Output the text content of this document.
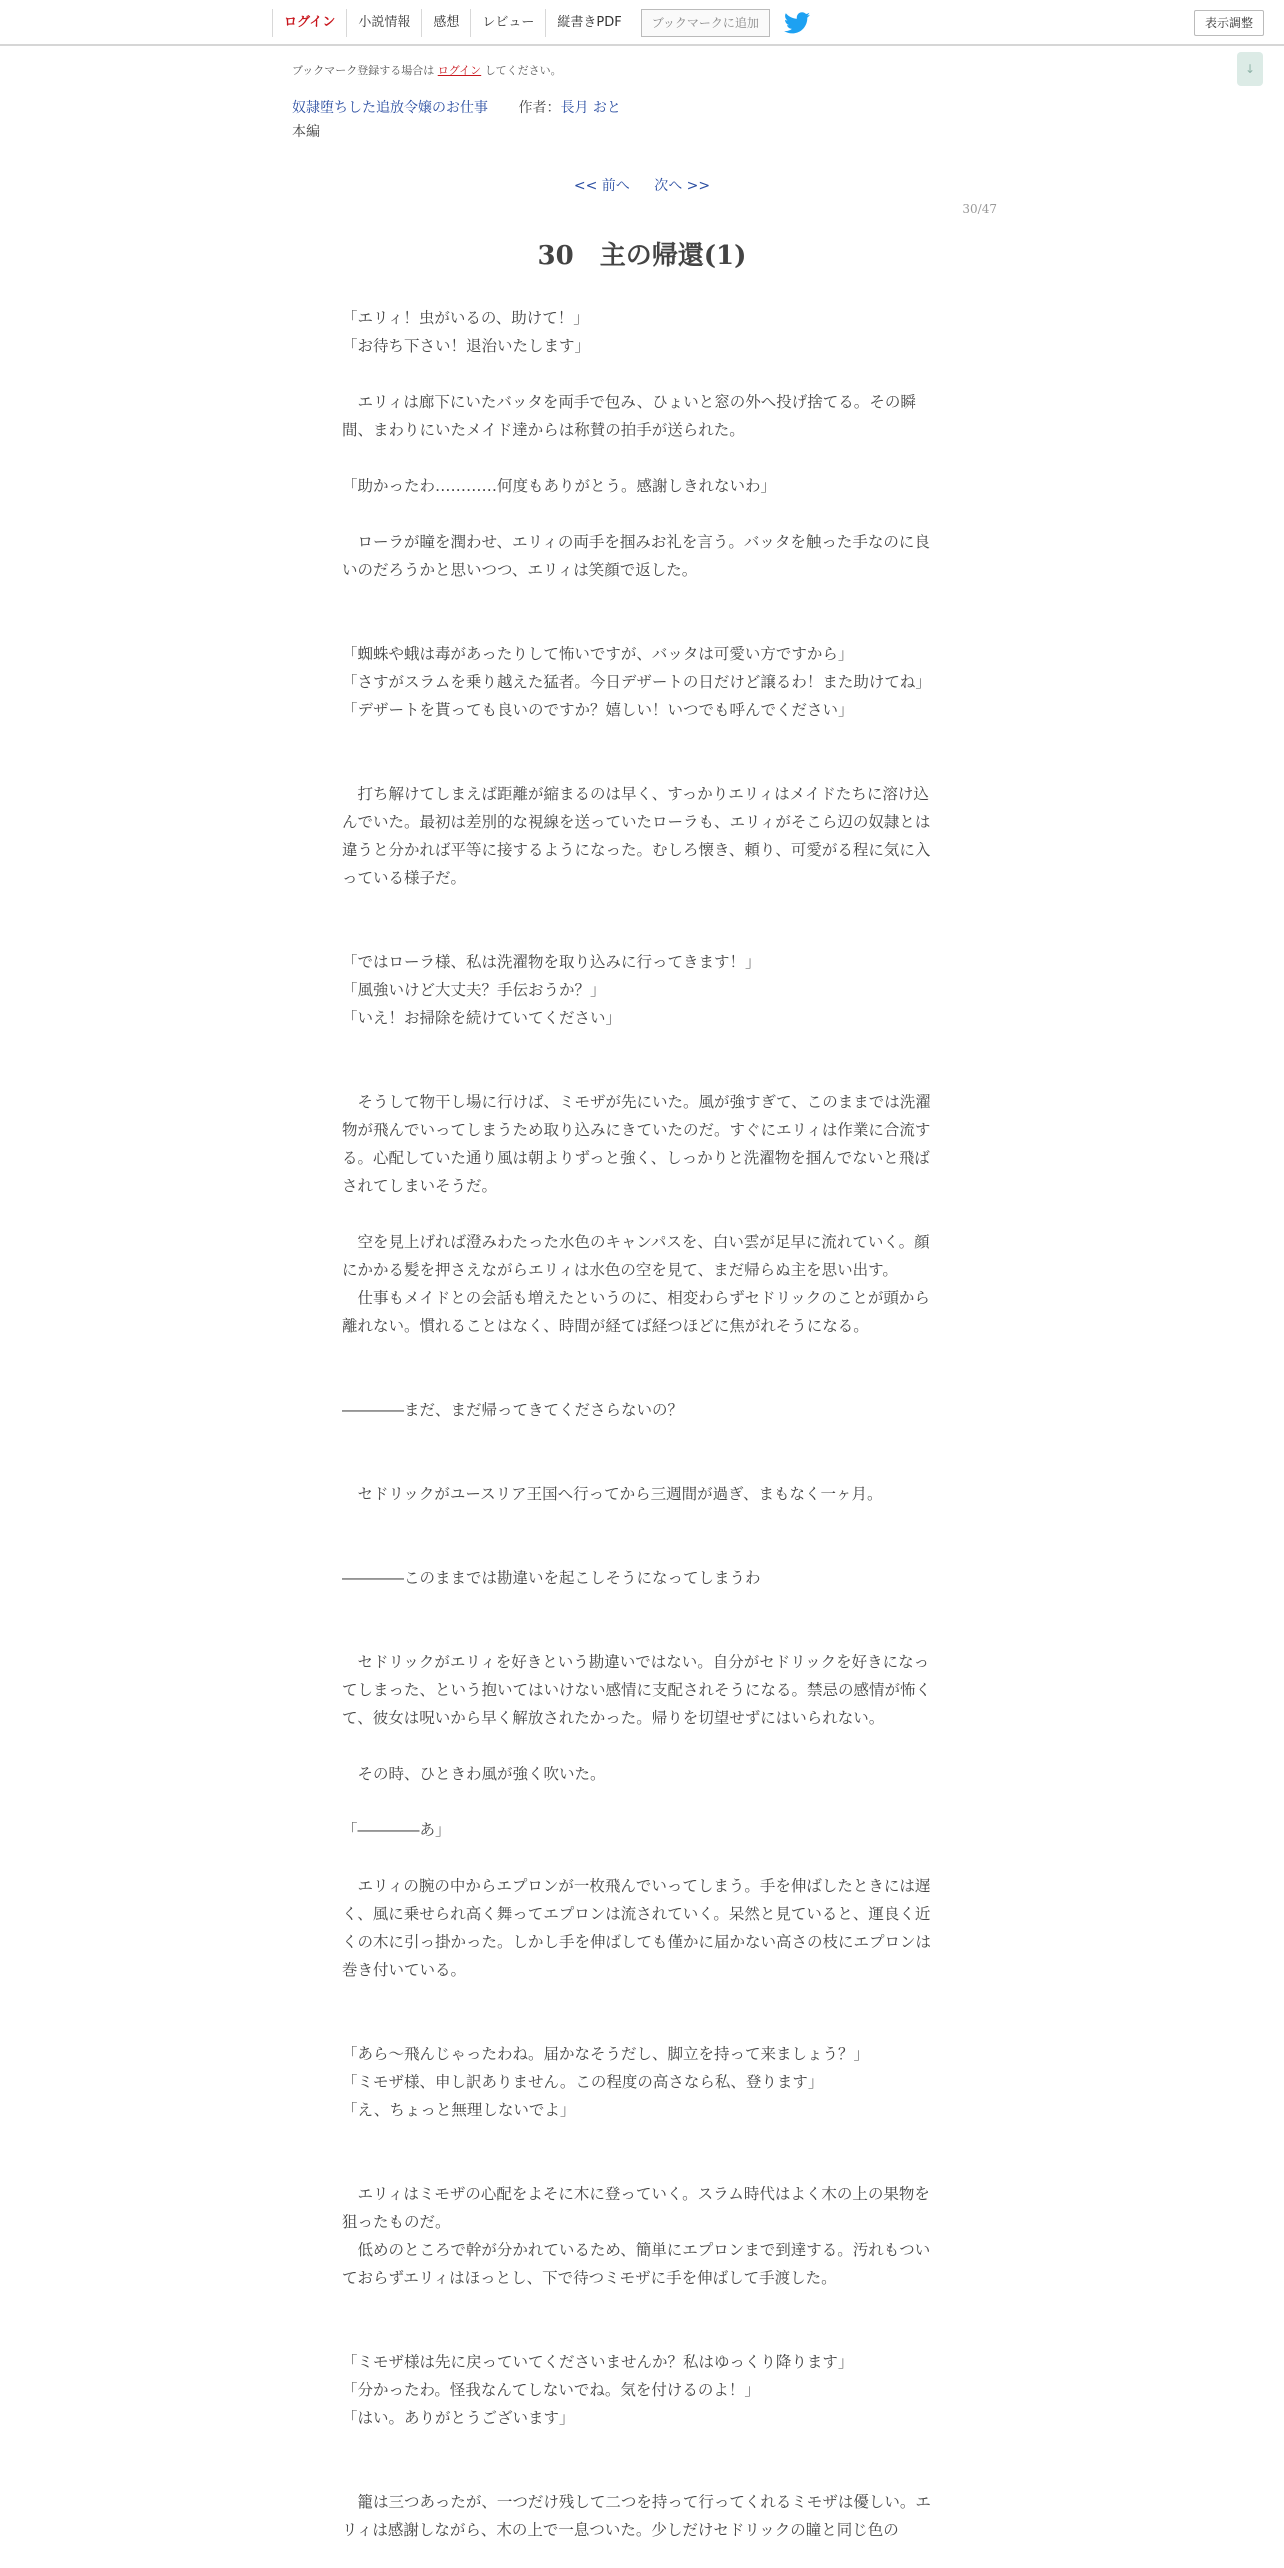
ログイン	小説情報	感想	レビュー	縦書きPDF	ブックマークに追加	表示調整
↓
ブックマーク登録する場合は ログイン してください。
奴隷堕ちした追放令嬢のお仕事 作者：長月 おと
本編
<< 前へ 次へ >>
30/47
30　主の帰還(1)

「エリィ！虫がいるの、助けて！」

「お待ち下さい！退治いたします」

　エリィは廊下にいたバッタを両手で包み、ひょいと窓の外へ投げ捨てる。その瞬間、まわりにいたメイド達からは称賛の拍手が送られた。

「助かったわ…………何度もありがとう。感謝しきれないわ」

　ローラが瞳を潤わせ、エリィの両手を掴みお礼を言う。バッタを触った手なのに良いのだろうかと思いつつ、エリィは笑顔で返した。

「蜘蛛や蛾は毒があったりして怖いですが、バッタは可愛い方ですから」

「さすがスラムを乗り越えた猛者。今日デザートの日だけど譲るわ！また助けてね」

「デザートを貰っても良いのですか？嬉しい！いつでも呼んでください」

　打ち解けてしまえば距離が縮まるのは早く、すっかりエリィはメイドたちに溶け込んでいた。最初は差別的な視線を送っていたローラも、エリィがそこら辺の奴隷とは違うと分かれば平等に接するようになった。むしろ懐き、頼り、可愛がる程に気に入っている様子だ。

「ではローラ様、私は洗濯物を取り込みに行ってきます！」

「風強いけど大丈夫？手伝おうか？」

「いえ！お掃除を続けていてください」

　そうして物干し場に行けば、ミモザが先にいた。風が強すぎて、このままでは洗濯物が飛んでいってしまうため取り込みにきていたのだ。すぐにエリィは作業に合流する。心配していた通り風は朝よりずっと強く、しっかりと洗濯物を掴んでないと飛ばされてしまいそうだ。

　空を見上げれば澄みわたった水色のキャンパスを、白い雲が足早に流れていく。顔にかかる髪を押さえながらエリィは水色の空を見て、まだ帰らぬ主を思い出す。

　仕事もメイドとの会話も増えたというのに、相変わらずセドリックのことが頭から離れない。慣れることはなく、時間が経てば経つほどに焦がれそうになる。

――――まだ、まだ帰ってきてくださらないの？

　セドリックがユースリア王国へ行ってから三週間が過ぎ、まもなく一ヶ月。

――――このままでは勘違いを起こしそうになってしまうわ

　セドリックがエリィを好きという勘違いではない。自分がセドリックを好きになってしまった、という抱いてはいけない感情に支配されそうになる。禁忌の感情が怖くて、彼女は呪いから早く解放されたかった。帰りを切望せずにはいられない。

　その時、ひときわ風が強く吹いた。

「――――あ」

　エリィの腕の中からエプロンが一枚飛んでいってしまう。手を伸ばしたときには遅く、風に乗せられ高く舞ってエプロンは流されていく。呆然と見ていると、運良く近くの木に引っ掛かった。しかし手を伸ばしても僅かに届かない高さの枝にエプロンは巻き付いている。

「あら～飛んじゃったわね。届かなそうだし、脚立を持って来ましょう？」

「ミモザ様、申し訳ありません。この程度の高さなら私、登ります」

「え、ちょっと無理しないでよ」

　エリィはミモザの心配をよそに木に登っていく。スラム時代はよく木の上の果物を狙ったものだ。

　低めのところで幹が分かれているため、簡単にエプロンまで到達する。汚れもついておらずエリィはほっとし、下で待つミモザに手を伸ばして手渡した。

「ミモザ様は先に戻っていてくださいませんか？私はゆっくり降ります」

「分かったわ。怪我なんてしないでね。気を付けるのよ！」

「はい。ありがとうございます」

　籠は三つあったが、一つだけ残して二つを持って行ってくれるミモザは優しい。エリィは感謝しながら、木の上で一息ついた。少しだけセドリックの瞳と同じ色の
